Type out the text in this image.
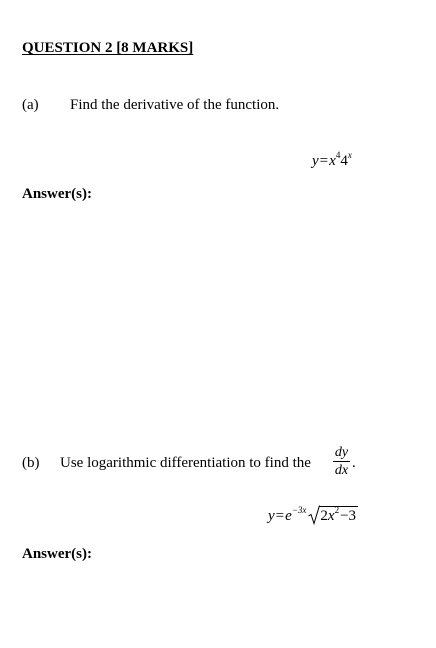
QUESTION 2 [8 MARKS]
(a) Find the derivative of the function.
$y=x^44^x$
Answer(s):
(b) Use logarithmic differentiation to find the
dy
dx .
$y=e^{-3x}$ $2x^2-3$
Answer(s):
